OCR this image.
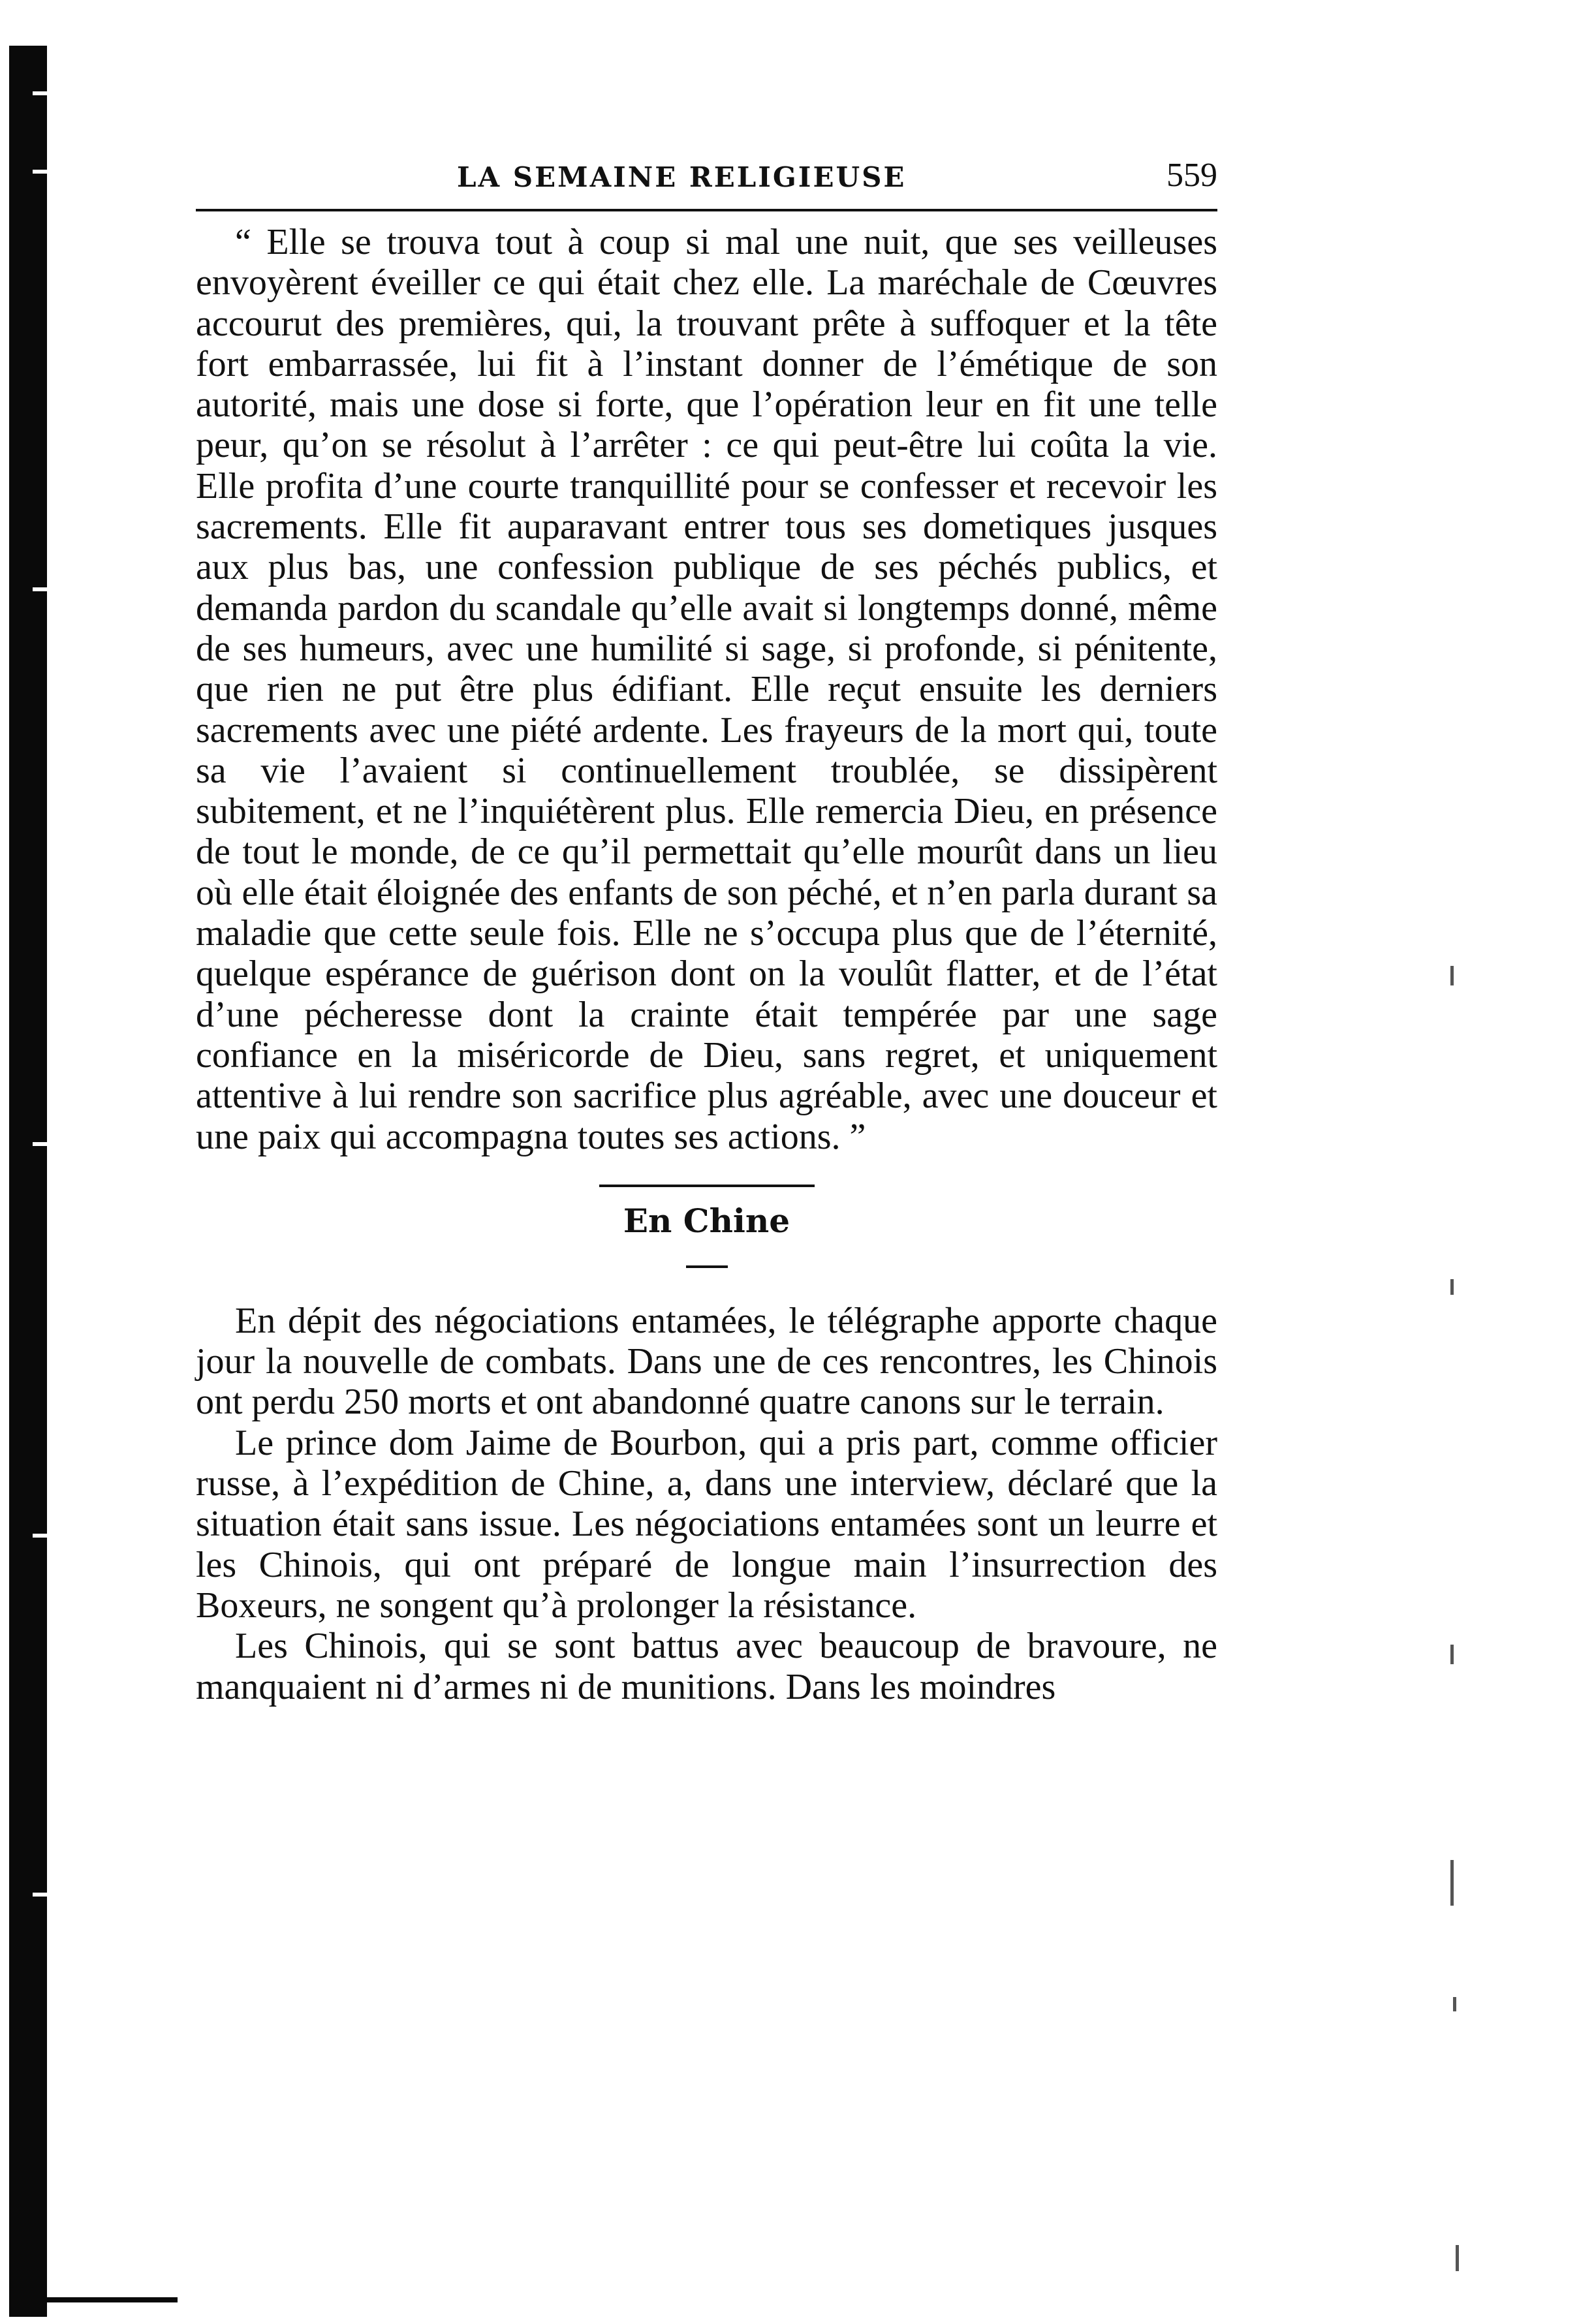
LA SEMAINE RELIGIEUSE	559

“ Elle se trouva tout à coup si mal une nuit, que ses veilleuses envoyèrent éveiller ce qui était chez elle. La maréchale de Cœuvres accourut des premières, qui, la trouvant prête à suffoquer et la tête fort embarrassée, lui fit à l’instant donner de l’émétique de son autorité, mais une dose si forte, que l’opération leur en fit une telle peur, qu’on se résolut à l’arrêter : ce qui peut-être lui coûta la vie. Elle profita d’une courte tranquillité pour se confesser et recevoir les sacrements. Elle fit auparavant entrer tous ses dometiques jusques aux plus bas, une confession publique de ses péchés publics, et demanda pardon du scandale qu’elle avait si longtemps donné, même de ses humeurs, avec une humilité si sage, si profonde, si pénitente, que rien ne put être plus édifiant. Elle reçut ensuite les derniers sacrements avec une piété ardente. Les frayeurs de la mort qui, toute sa vie l’avaient si continuellement troublée, se dissipèrent subitement, et ne l’inquiétèrent plus. Elle remercia Dieu, en présence de tout le monde, de ce qu’il permettait qu’elle mourût dans un lieu où elle était éloignée des enfants de son péché, et n’en parla durant sa maladie que cette seule fois. Elle ne s’occupa plus que de l’éternité, quelque espérance de guérison dont on la voulût flatter, et de l’état d’une pécheresse dont la crainte était tempérée par une sage confiance en la miséricorde de Dieu, sans regret, et uniquement attentive à lui rendre son sacrifice plus agréable, avec une douceur et une paix qui accompagna toutes ses actions. ”

En Chine

En dépit des négociations entamées, le télégraphe apporte chaque jour la nouvelle de combats. Dans une de ces rencontres, les Chinois ont perdu 250 morts et ont abandonné quatre canons sur le terrain.

Le prince dom Jaime de Bourbon, qui a pris part, comme officier russe, à l’expédition de Chine, a, dans une interview, déclaré que la situation était sans issue. Les négociations entamées sont un leurre et les Chinois, qui ont préparé de longue main l’insurrection des Boxeurs, ne songent qu’à prolonger la résistance.

Les Chinois, qui se sont battus avec beaucoup de bravoure, ne manquaient ni d’armes ni de munitions. Dans les moindres
